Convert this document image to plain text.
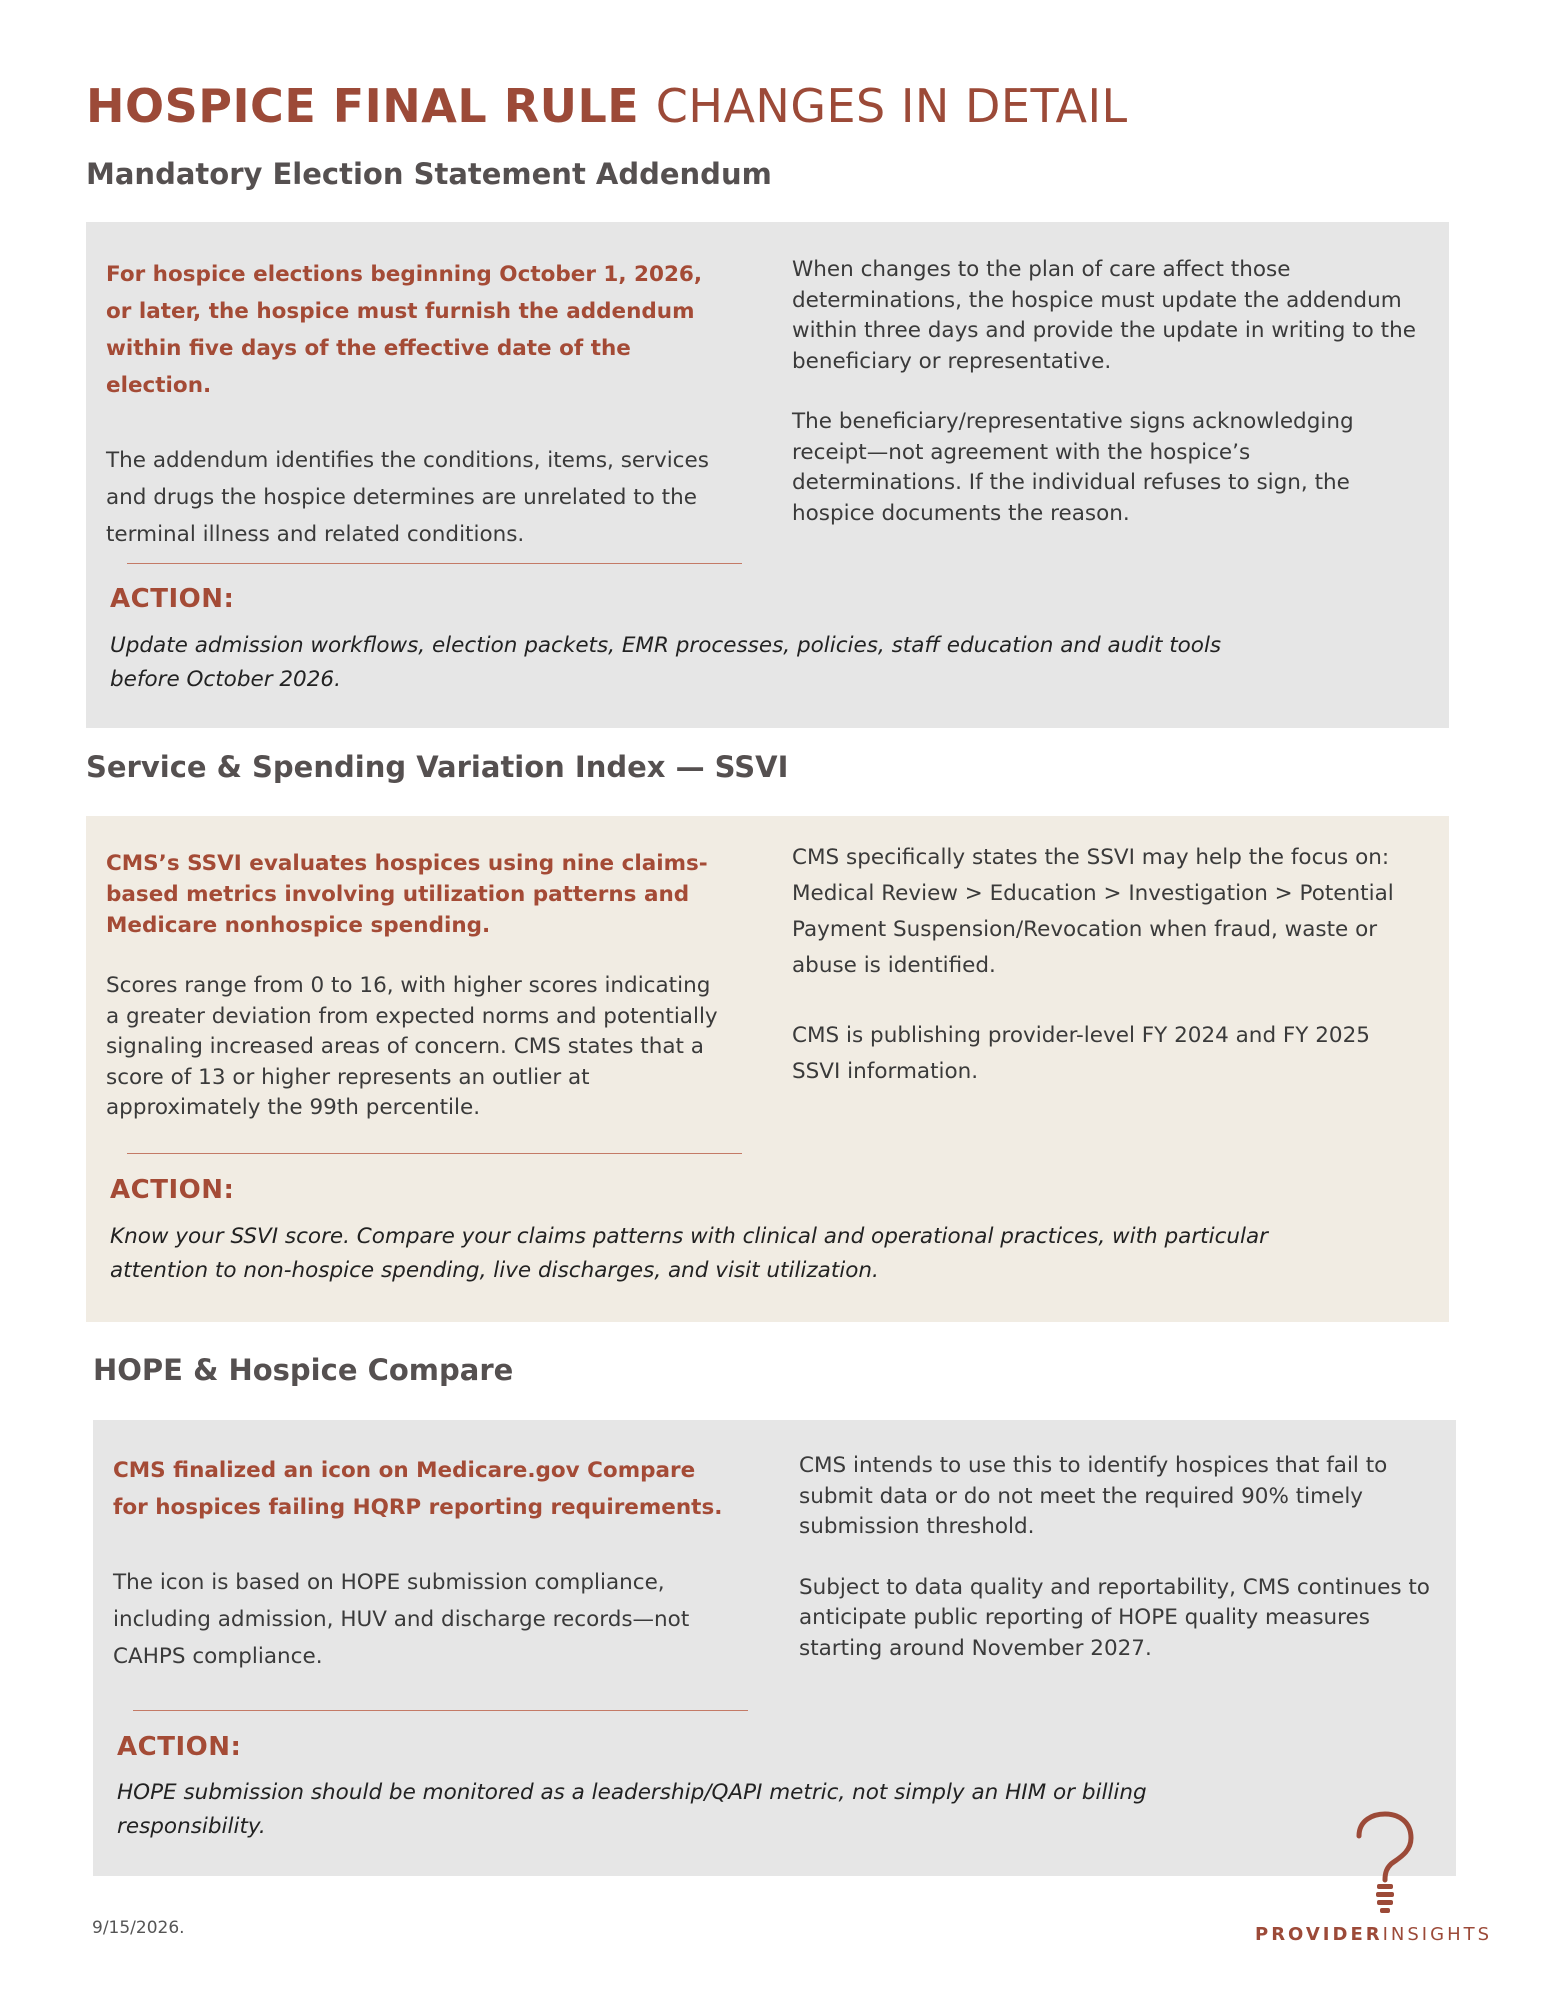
HOSPICE FINAL RULE CHANGES IN DETAIL
Mandatory Election Statement Addendum

For hospice elections beginning October 1, 2026, or later, the hospice must furnish the addendum within five days of the effective date of the election.

The addendum identifies the conditions, items, services and drugs the hospice determines are unrelated to the terminal illness and related conditions.

When changes to the plan of care affect those determinations, the hospice must update the addendum within three days and provide the update in writing to the beneficiary or representative.

The beneficiary/representative signs acknowledging receipt—not agreement with the hospice’s determinations. If the individual refuses to sign, the hospice documents the reason.

ACTION:

Update admission workflows, election packets, EMR processes, policies, staff education and audit tools before October 2026.

Service & Spending Variation Index — SSVI

CMS’s SSVI evaluates hospices using nine claims-based metrics involving utilization patterns and Medicare nonhospice spending.

Scores range from 0 to 16, with higher scores indicating a greater deviation from expected norms and potentially signaling increased areas of concern. CMS states that a score of 13 or higher represents an outlier at approximately the 99th percentile.

CMS specifically states the SSVI may help the focus on: Medical Review > Education > Investigation > Potential Payment Suspension/Revocation when fraud, waste or abuse is identified.

CMS is publishing provider-level FY 2024 and FY 2025 SSVI information.

ACTION:

Know your SSVI score. Compare your claims patterns with clinical and operational practices, with particular attention to non-hospice spending, live discharges, and visit utilization.

HOPE & Hospice Compare

CMS finalized an icon on Medicare.gov Compare for hospices failing HQRP reporting requirements.

The icon is based on HOPE submission compliance, including admission, HUV and discharge records—not CAHPS compliance.

CMS intends to use this to identify hospices that fail to submit data or do not meet the required 90% timely submission threshold.

Subject to data quality and reportability, CMS continues to anticipate public reporting of HOPE quality measures starting around November 2027.

ACTION:

HOPE submission should be monitored as a leadership/QAPI metric, not simply an HIM or billing responsibility.

9/15/2026.	PROVIDERINSIGHTS
